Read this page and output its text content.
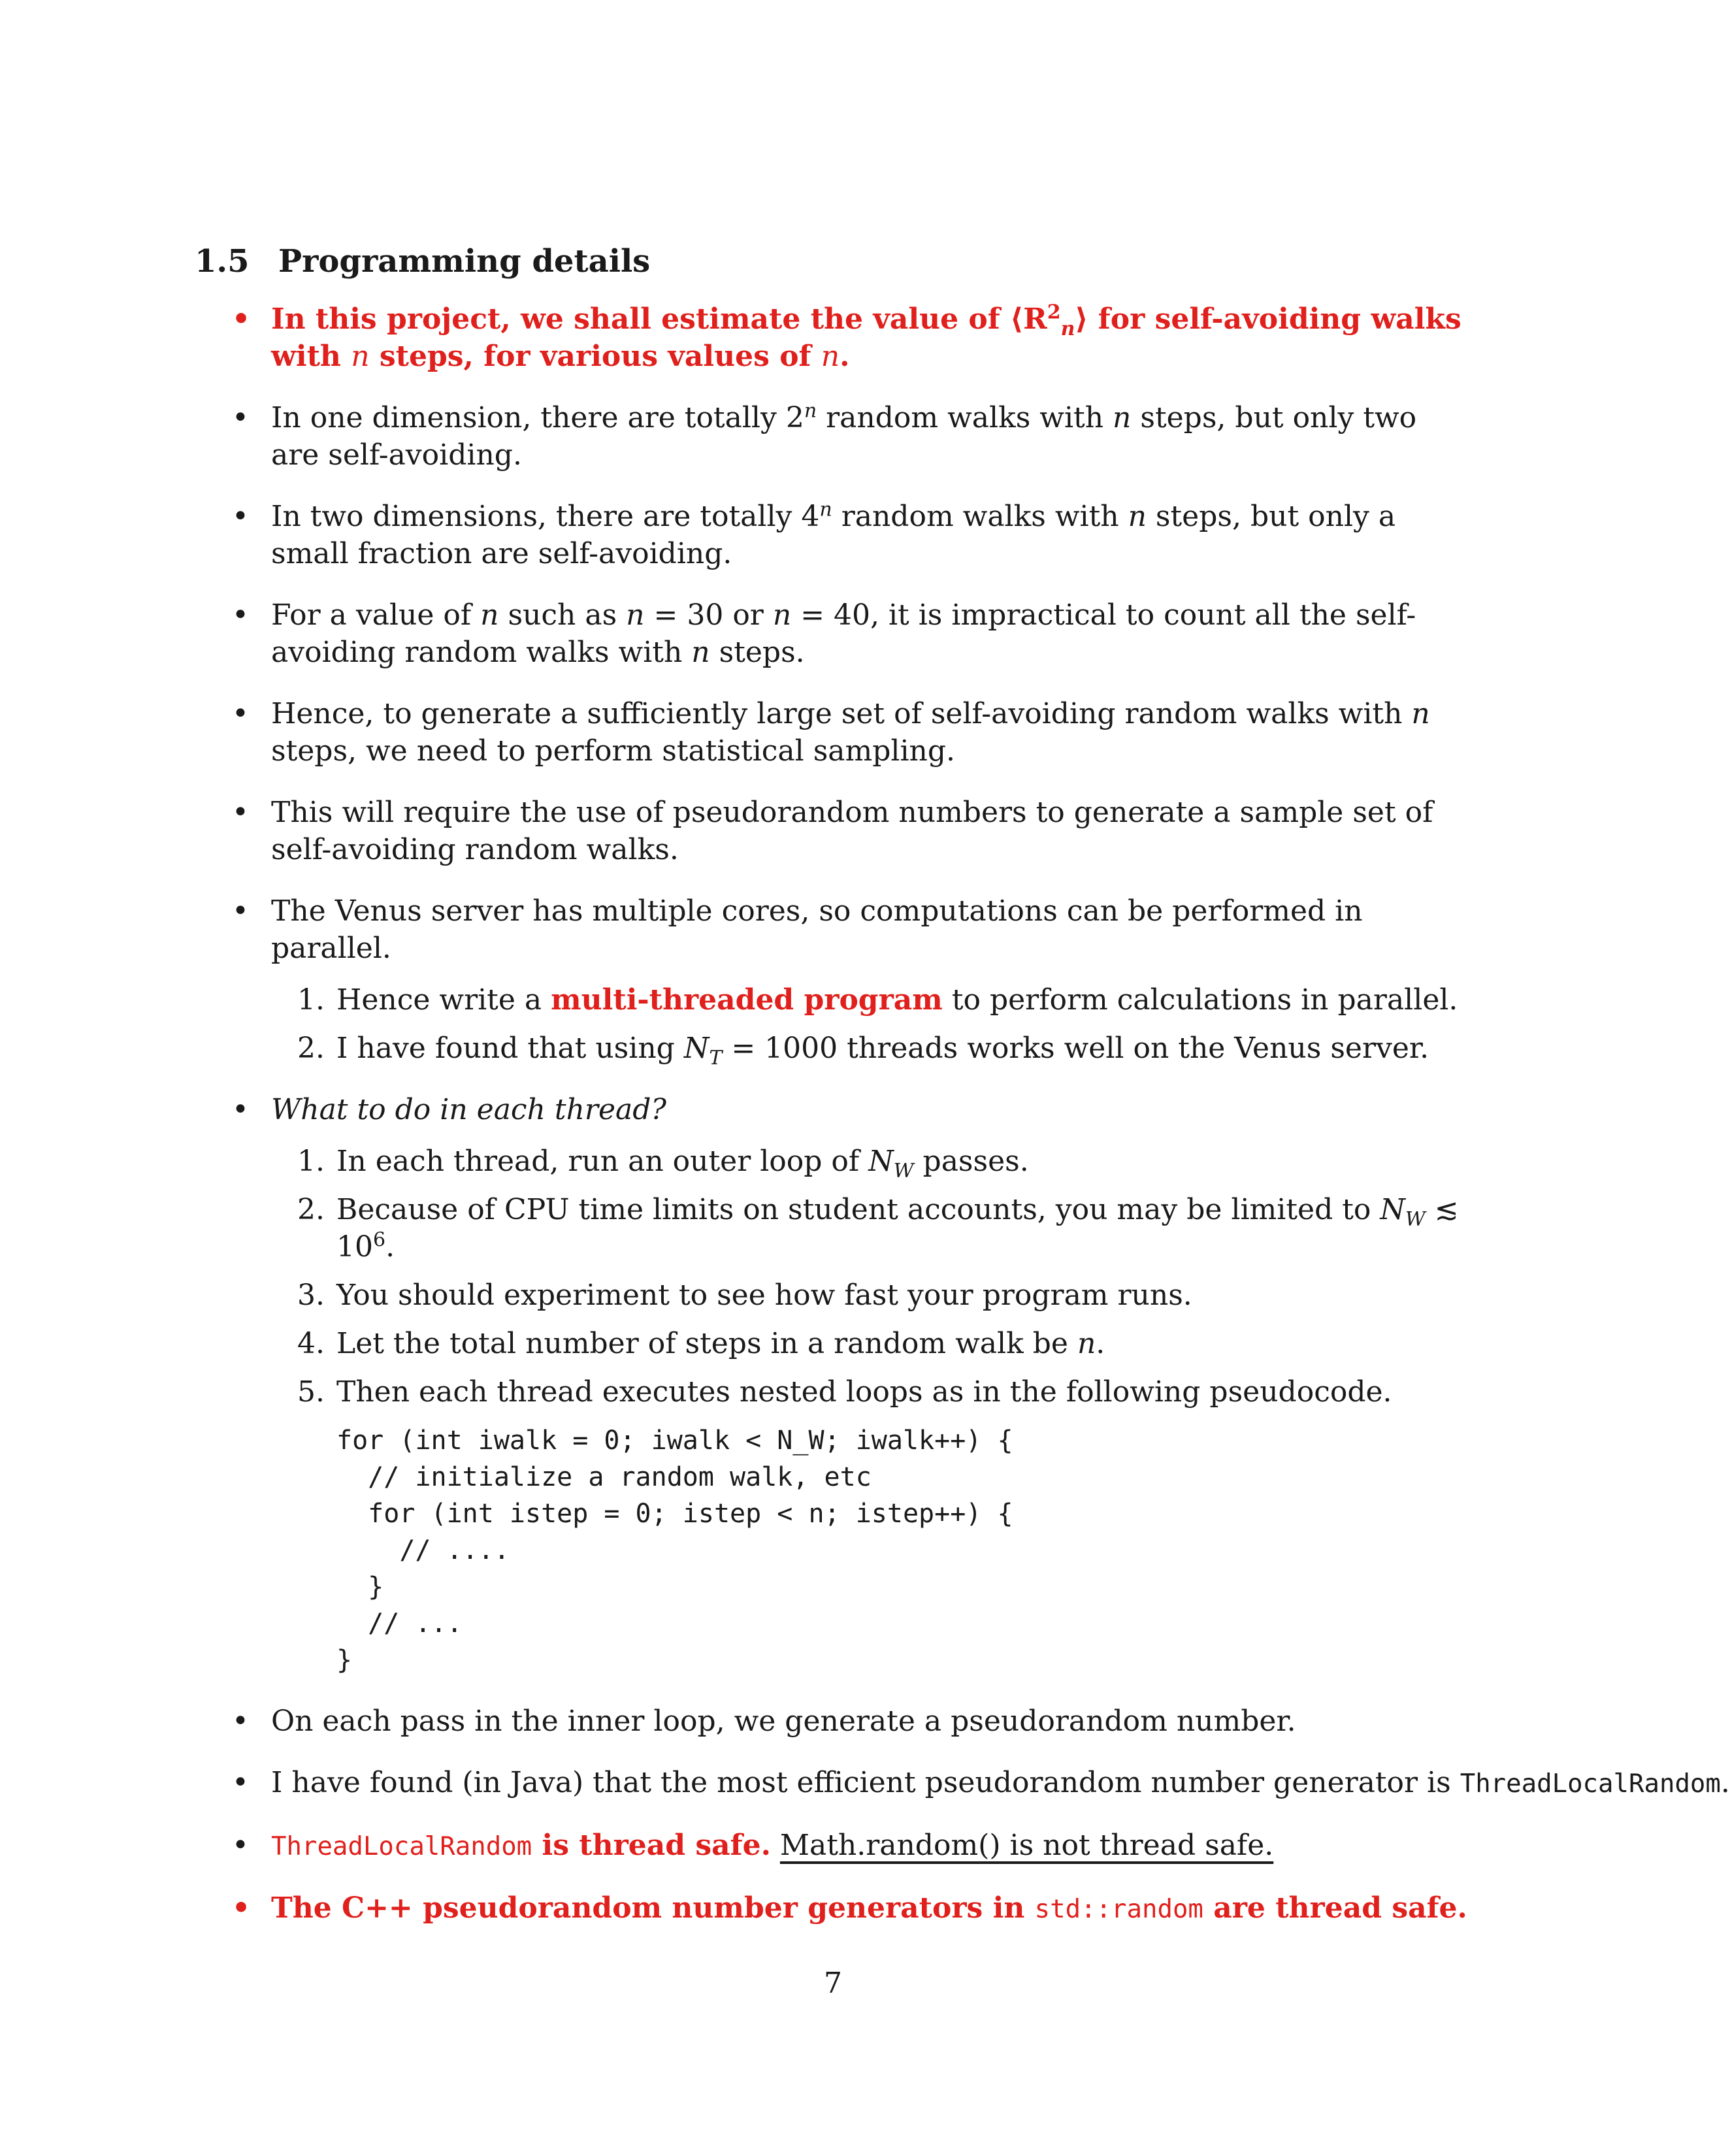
1.5 Programming details
• In this project, we shall estimate the value of $⟨R^2_n⟩$ for self-avoiding walks with n steps, for various values of n.
• In one dimension, there are totally 2$^n$ random walks with n steps, but only two are self-avoiding.
• In two dimensions, there are totally 4$^n$ random walks with n steps, but only a small fraction are self-avoiding.
• For a value of n such as n = 30 or n = 40, it is impractical to count all the self-avoiding random walks with n steps.
• Hence, to generate a sufficiently large set of self-avoiding random walks with n steps, we need to perform statistical sampling.
• This will require the use of pseudorandom numbers to generate a sample set of self-avoiding random walks.
• The Venus server has multiple cores, so computations can be performed in parallel.
1. Hence write a multi-threaded program to perform calculations in parallel.
2. I have found that using $N_T = 1000$ threads works well on the Venus server.
• What to do in each thread?
1. In each thread, run an outer loop of $N_W$ passes.
2. Because of CPU time limits on student accounts, you may be limited to $N_W$ ≲ $10^6$.
3. You should experiment to see how fast your program runs.
4. Let the total number of steps in a random walk be n.
5. Then each thread executes nested loops as in the following pseudocode.
for (int iwalk = 0; iwalk < N_W; iwalk++) {
// initialize a random walk, etc
for (int istep = 0; istep < n; istep++) {
// ....
}
// ...
}
• On each pass in the inner loop, we generate a pseudorandom number.
• I have found (in Java) that the most efficient pseudorandom number generator is ThreadLocalRandom.
• ThreadLocalRandom is thread safe. Math.random() is not thread safe.
• The C++ pseudorandom number generators in std::random are thread safe.
7
